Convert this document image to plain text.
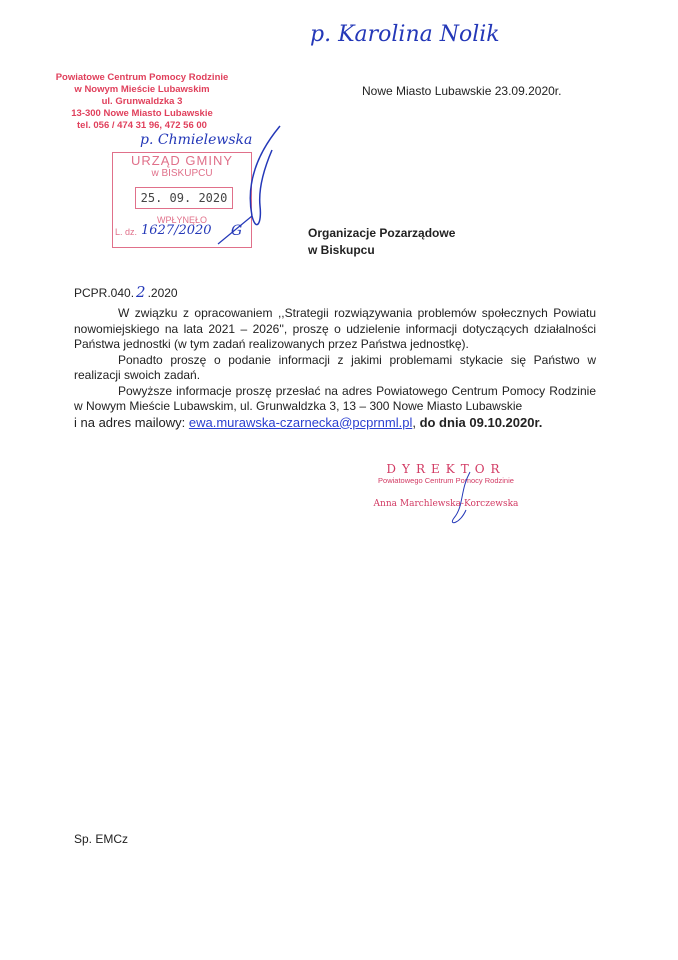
p. Karolina Nolik
Powiatowe Centrum Pomocy Rodzinie
w Nowym Mieście Lubawskim
ul. Grunwaldzka 3
13-300 Nowe Miasto Lubawskie
tel. 056 / 474 31 96, 472 56 00
Nowe Miasto Lubawskie 23.09.2020r.
p. Chmielewska
URZĄD GMINY
w BISKUPCU
25. 09. 2020
WPŁYNĘŁO
L. dz. 1627/2020 G	Organizacje Pozarządowe
w Biskupcu
PCPR.040. 2 .2020

W związku z opracowaniem ,,Strategii rozwiązywania problemów społecznych Powiatu nowomiejskiego na lata 2021 – 2026'', proszę o udzielenie informacji dotyczących działalności Państwa jednostki (w tym zadań realizowanych przez Państwa jednostkę).

Ponadto proszę o podanie informacji z jakimi problemami stykacie się Państwo w realizacji swoich zadań.

Powyższe informacje proszę przesłać na adres Powiatowego Centrum Pomocy Rodzinie w Nowym Mieście Lubawskim, ul. Grunwaldzka 3, 13 – 300 Nowe Miasto Lubawskie

i na adres mailowy: ewa.murawska-czarnecka@pcprnml.pl, do dnia 09.10.2020r.

DYREKTOR
Powiatowego Centrum Pomocy Rodzinie
Anna Marchlewska-Korczewska
Sp. EMCz
